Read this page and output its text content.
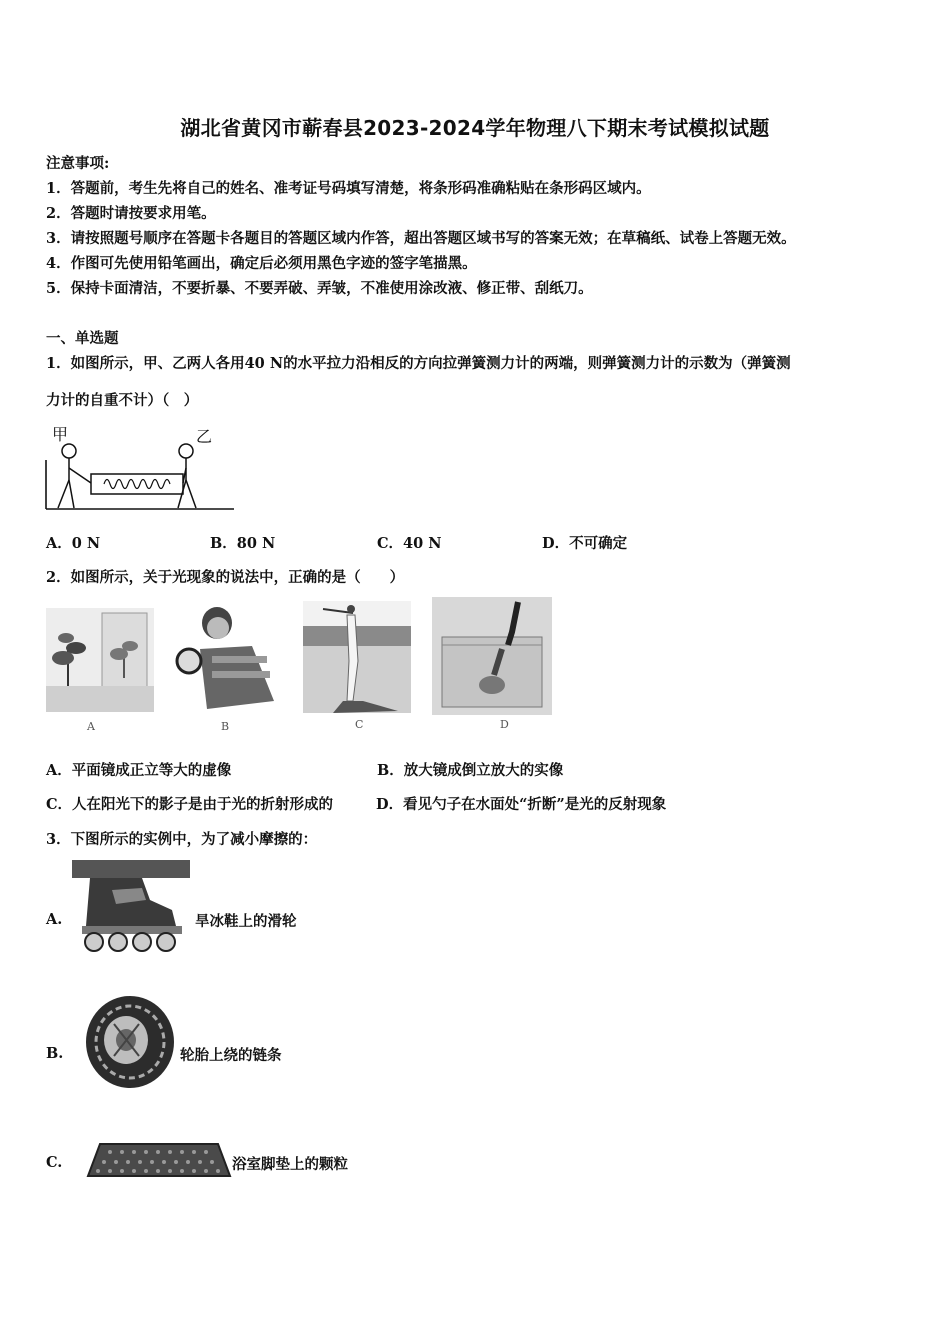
湖北省黄冈市蕲春县2023-2024学年物理八下期末考试模拟试题
注意事项:
1．答题前，考生先将自己的姓名、准考证号码填写清楚，将条形码准确粘贴在条形码区域内。
2．答题时请按要求用笔。
3．请按照题号顺序在答题卡各题目的答题区域内作答，超出答题区域书写的答案无效；在草稿纸、试卷上答题无效。
4．作图可先使用铅笔画出，确定后必须用黑色字迹的签字笔描黑。
5．保持卡面清洁，不要折暴、不要弄破、弄皱，不准使用涂改液、修正带、刮纸刀。
一、单选题
1．如图所示，甲、乙两人各用40 N的水平拉力沿相反的方向拉弹簧测力计的两端，则弹簧测力计的示数为（弹簧测
力计的自重不计）（　）
甲	乙
A．0 N	B．80 N	C．40 N	D．不可确定
2．如图所示，关于光现象的说法中，正确的是（　　）
A	B	C	D
A．平面镜成正立等大的虚像	B．放大镜成倒立放大的实像
C．人在阳光下的影子是由于光的折射形成的	D．看见勺子在水面处“折断”是光的反射现象
3．下图所示的实例中，为了减小摩擦的：
A.	旱冰鞋上的滑轮
B.	轮胎上绕的链条
C.	浴室脚垫上的颗粒
